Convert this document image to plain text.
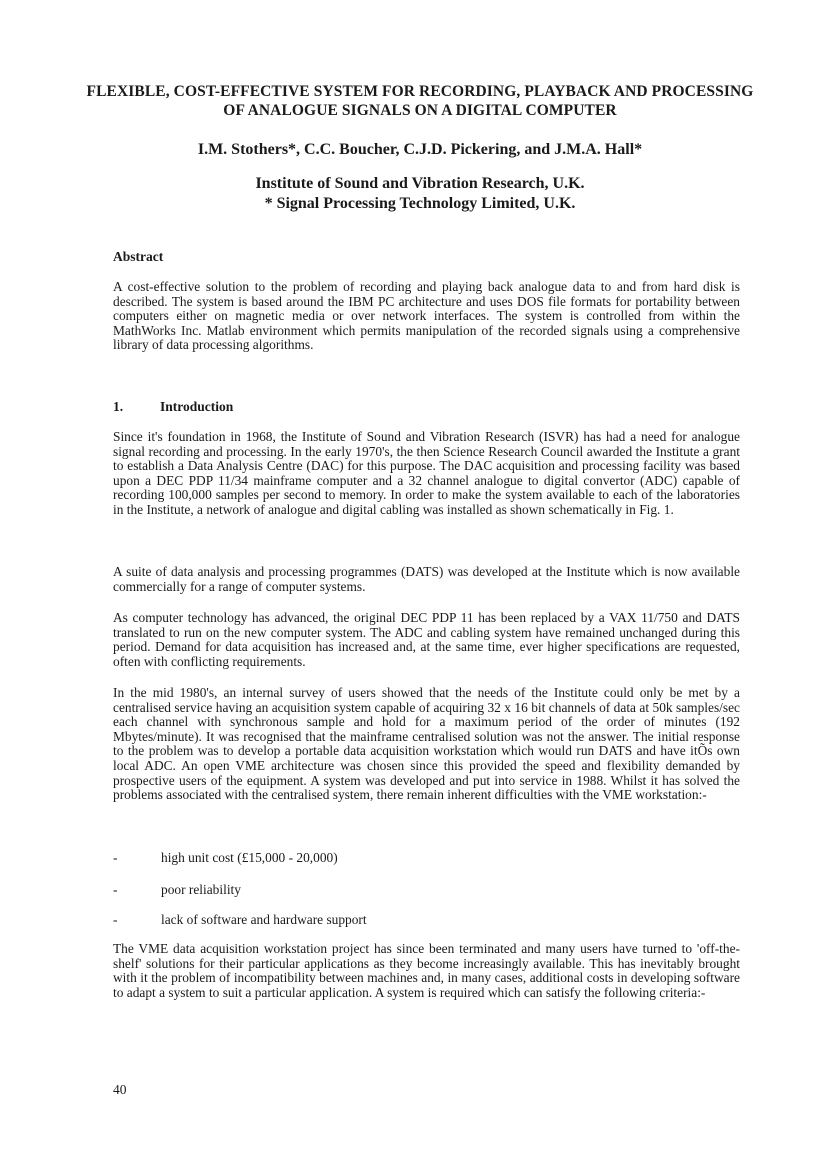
FLEXIBLE, COST-EFFECTIVE SYSTEM FOR RECORDING, PLAYBACK AND PROCESSING
OF ANALOGUE SIGNALS ON A DIGITAL COMPUTER
I.M. Stothers*, C.C. Boucher, C.J.D. Pickering, and J.M.A. Hall*
Institute of Sound and Vibration Research, U.K.
* Signal Processing Technology Limited, U.K.
Abstract

A cost-effective solution to the problem of recording and playing back analogue data to and from hard disk is described. The system is based around the IBM PC architecture and uses DOS file formats for portability between computers either on magnetic media or over network interfaces. The system is controlled from within the MathWorks Inc. Matlab environment which permits manipulation of the recorded signals using a comprehensive library of data processing algorithms.

1.	Introduction

Since it's foundation in 1968, the Institute of Sound and Vibration Research (ISVR) has had a need for analogue signal recording and processing. In the early 1970's, the then Science Research Council awarded the Institute a grant to establish a Data Analysis Centre (DAC) for this purpose. The DAC acquisition and processing facility was based upon a DEC PDP 11/34 mainframe computer and a 32 channel analogue to digital convertor (ADC) capable of recording 100,000 samples per second to memory. In order to make the system available to each of the laboratories in the Institute, a network of analogue and digital cabling was installed as shown schematically in Fig. 1.

A suite of data analysis and processing programmes (DATS) was developed at the Institute which is now available commercially for a range of computer systems.

As computer technology has advanced, the original DEC PDP 11 has been replaced by a VAX 11/750 and DATS translated to run on the new computer system. The ADC and cabling system have remained unchanged during this period. Demand for data acquisition has increased and, at the same time, ever higher specifications are requested, often with conflicting requirements.

In the mid 1980's, an internal survey of users showed that the needs of the Institute could only be met by a centralised service having an acquisition system capable of acquiring 32 x 16 bit channels of data at 50k samples/sec each channel with synchronous sample and hold for a maximum period of the order of minutes (192 Mbytes/minute). It was recognised that the mainframe centralised solution was not the answer. The initial response to the problem was to develop a portable data acquisition workstation which would run DATS and have itÕs own local ADC. An open VME architecture was chosen since this provided the speed and flexibility demanded by prospective users of the equipment. A system was developed and put into service in 1988. Whilst it has solved the problems associated with the centralised system, there remain inherent difficulties with the VME workstation:-

-	high unit cost (£15,000 - 20,000)
-	poor reliability
-	lack of software and hardware support

The VME data acquisition workstation project has since been terminated and many users have turned to 'off-the-shelf' solutions for their particular applications as they become increasingly available. This has inevitably brought with it the problem of incompatibility between machines and, in many cases, additional costs in developing software to adapt a system to suit a particular application. A system is required which can satisfy the following criteria:-

40
